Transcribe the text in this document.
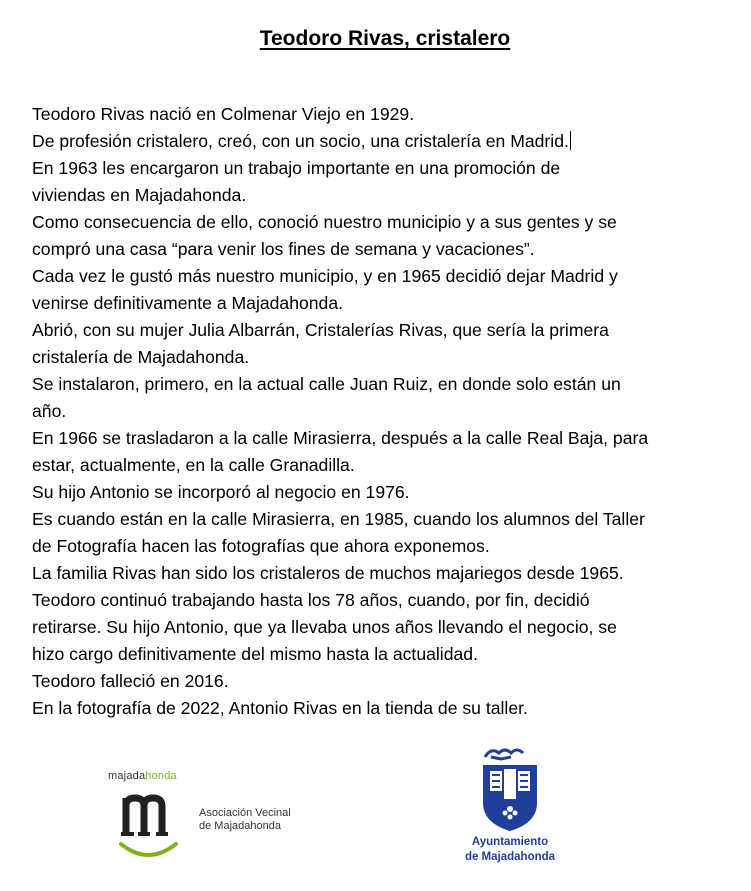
Teodoro Rivas, cristalero

Teodoro Rivas nació en Colmenar Viejo en 1929.

De profesión cristalero, creó, con un socio, una cristalería en Madrid.

En 1963 les encargaron un trabajo importante en una promoción de

viviendas en Majadahonda.

Como consecuencia de ello, conoció nuestro municipio y a sus gentes y se

compró una casa “para venir los fines de semana y vacaciones”.

Cada vez le gustó más nuestro municipio, y en 1965 decidió dejar Madrid y

venirse definitivamente a Majadahonda.

Abrió, con su mujer Julia Albarrán, Cristalerías Rivas, que sería la primera

cristalería de Majadahonda.

Se instalaron, primero, en la actual calle Juan Ruiz, en donde solo están un

año.

En 1966 se trasladaron a la calle Mirasierra, después a la calle Real Baja, para

estar, actualmente, en la calle Granadilla.

Su hijo Antonio se incorporó al negocio en 1976.

Es cuando están en la calle Mirasierra, en 1985, cuando los alumnos del Taller

de Fotografía hacen las fotografías que ahora exponemos.

La familia Rivas han sido los cristaleros de muchos majariegos desde 1965.

Teodoro continuó trabajando hasta los 78 años, cuando, por fin, decidió

retirarse. Su hijo Antonio, que ya llevaba unos años llevando el negocio, se

hizo cargo definitivamente del mismo hasta la actualidad.

Teodoro falleció en 2016.

En la fotografía de 2022, Antonio Rivas en la tienda de su taller.

majadahonda
Asociación Vecinal
de Majadahonda
Ayuntamiento
de Majadahonda
